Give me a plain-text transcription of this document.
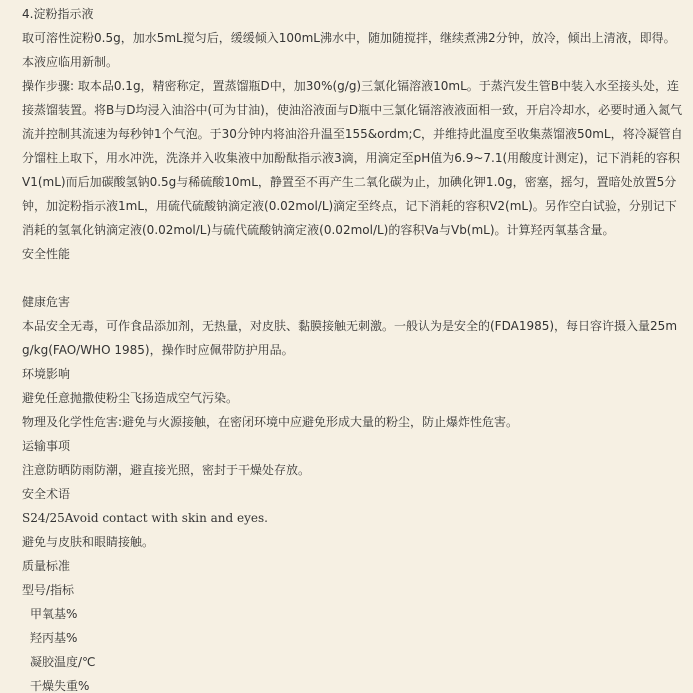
4.淀粉指示液
取可溶性淀粉0.5g，加水5mL搅匀后，缓缓倾入100mL沸水中，随加随搅拌，继续煮沸2分钟，放冷，倾出上清液，即得。本液应临用新制。
操作步骤: 取本品0.1g，精密称定，置蒸馏瓶D中，加30%(g/g)三氯化镉溶液10mL。于蒸汽发生管B中装入水至接头处，连接蒸馏装置。将B与D均浸入油浴中(可为甘油)，使油浴液面与D瓶中三氯化镉溶液液面相一致，开启冷却水，必要时通入氮气流并控制其流速为每秒钟1个气泡。于30分钟内将油浴升温至155&ordm;C，并维持此温度至收集蒸馏液50mL，将冷凝管自分馏柱上取下，用水冲洗，洗涤并入收集液中加酚酞指示液3滴，用滴定至pH值为6.9~7.1(用酸度计测定)，记下消耗的容积V1(mL)而后加碳酸氢钠0.5g与稀硫酸10mL，静置至不再产生二氧化碳为止，加碘化钾1.0g，密塞，摇匀，置暗处放置5分钟，加淀粉指示液1mL，用硫代硫酸钠滴定液(0.02mol/L)滴定至终点，记下消耗的容积V2(mL)。另作空白试验，分别记下消耗的氢氧化钠滴定液(0.02mol/L)与硫代硫酸钠滴定液(0.02mol/L)的容积Va与Vb(mL)。计算羟丙氧基含量。
安全性能
健康危害
本品安全无毒，可作食品添加剂，无热量，对皮肤、黏膜接触无刺激。一般认为是安全的(FDA1985)，每日容许摄入量25mg/kg(FAO/WHO 1985)，操作时应佩带防护用品。
环境影响
避免任意抛撒使粉尘飞扬造成空气污染。
物理及化学性危害:避免与火源接触，在密闭环境中应避免形成大量的粉尘，防止爆炸性危害。
运输事项
注意防晒防雨防潮，避直接光照，密封于干燥处存放。
安全术语
S24/25Avoid contact with skin and eyes.
避免与皮肤和眼睛接触。
质量标准
型号/指标
甲氧基%
羟丙基%
凝胶温度/℃
干燥失重%
